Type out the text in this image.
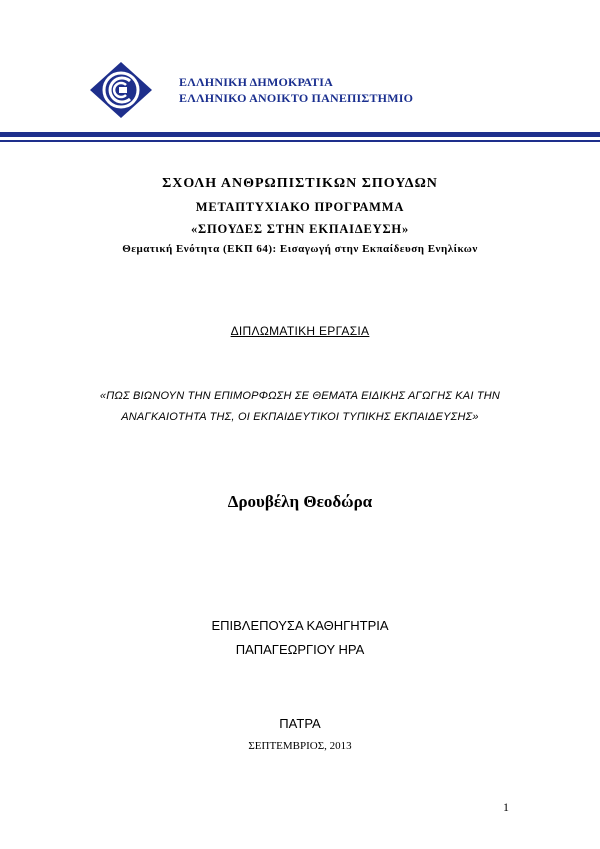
ΕΛΛΗΝΙΚΗ ΔΗΜΟΚΡΑΤΙΑ
ΕΛΛΗΝΙΚΟ ΑΝΟΙΚΤΟ ΠΑΝΕΠΙΣΤΗΜΙΟ
ΣΧΟΛΗ ΑΝΘΡΩΠΙΣΤΙΚΩΝ ΣΠΟΥΔΩΝ
ΜΕΤΑΠΤΥΧΙΑΚΟ ΠΡΟΓΡΑΜΜΑ
«ΣΠΟΥΔΕΣ ΣΤΗΝ ΕΚΠΑΙΔΕΥΣΗ»
Θεματική Ενότητα (ΕΚΠ 64): Εισαγωγή στην Εκπαίδευση Ενηλίκων
ΔΙΠΛΩΜΑΤΙΚΗ ΕΡΓΑΣΙΑ
«ΠΩΣ ΒΙΩΝΟΥΝ ΤΗΝ ΕΠΙΜΟΡΦΩΣΗ ΣΕ ΘΕΜΑΤΑ ΕΙΔΙΚΗΣ ΑΓΩΓΗΣ ΚΑΙ ΤΗΝ
ΑΝΑΓΚΑΙΟΤΗΤΑ ΤΗΣ, ΟΙ ΕΚΠΑΙΔΕΥΤΙΚΟΙ ΤΥΠΙΚΗΣ ΕΚΠΑΙΔΕΥΣΗΣ»
Δρουβέλη Θεοδώρα
ΕΠΙΒΛΕΠΟΥΣΑ ΚΑΘΗΓΗΤΡΙΑ
ΠΑΠΑΓΕΩΡΓΙΟΥ ΗΡΑ
ΠΑΤΡΑ
ΣΕΠΤΕΜΒΡΙΟΣ, 2013
1
